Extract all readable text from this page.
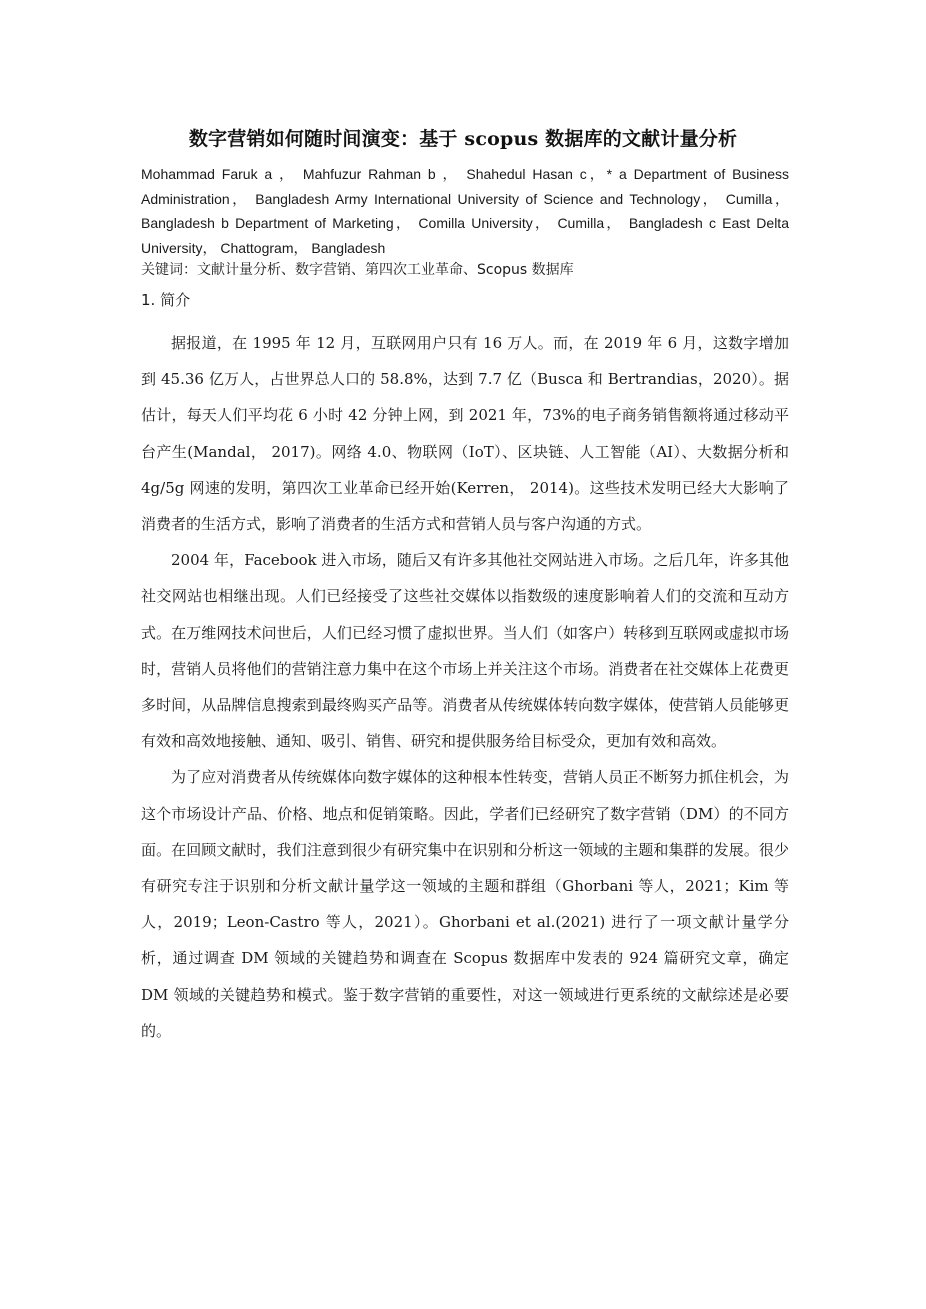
数字营销如何随时间演变：基于 scopus 数据库的文献计量分析
Mohammad Faruk a ， Mahfuzur Rahman b ， Shahedul Hasan c，* a Department of Business Administration， Bangladesh Army International University of Science and Technology， Cumilla， Bangladesh b Department of Marketing， Comilla University， Cumilla， Bangladesh c East Delta University， Chattogram， Bangladesh
关键词：文献计量分析、数字营销、第四次工业革命、Scopus 数据库
1. 简介

据报道，在 1995 年 12 月，互联网用户只有 16 万人。而，在 2019 年 6 月，这数字增加到 45.36 亿万人，占世界总人口的 58.8%，达到 7.7 亿（Busca 和 Bertrandias，2020）。据估计，每天人们平均花 6 小时 42 分钟上网，到 2021 年，73%的电子商务销售额将通过移动平台产生(Mandal， 2017)。网络 4.0、物联网（IoT）、区块链、人工智能（AI）、大数据分析和 4g/5g 网速的发明，第四次工业革命已经开始(Kerren， 2014)。这些技术发明已经大大影响了消费者的生活方式，影响了消费者的生活方式和营销人员与客户沟通的方式。

2004 年，Facebook 进入市场，随后又有许多其他社交网站进入市场。之后几年，许多其他社交网站也相继出现。人们已经接受了这些社交媒体以指数级的速度影响着人们的交流和互动方式。在万维网技术问世后，人们已经习惯了虚拟世界。当人们（如客户）转移到互联网或虚拟市场时，营销人员将他们的营销注意力集中在这个市场上并关注这个市场。消费者在社交媒体上花费更多时间，从品牌信息搜索到最终购买产品等。消费者从传统媒体转向数字媒体，使营销人员能够更有效和高效地接触、通知、吸引、销售、研究和提供服务给目标受众，更加有效和高效。

为了应对消费者从传统媒体向数字媒体的这种根本性转变，营销人员正不断努力抓住机会，为这个市场设计产品、价格、地点和促销策略。因此，学者们已经研究了数字营销（DM）的不同方面。在回顾文献时，我们注意到很少有研究集中在识别和分析这一领域的主题和集群的发展。很少有研究专注于识别和分析文献计量学这一领域的主题和群组（Ghorbani 等人，2021；Kim 等人，2019；Leon-Castro 等人，2021）。Ghorbani et al.(2021) 进行了一项文献计量学分析，通过调查 DM 领域的关键趋势和调查在 Scopus 数据库中发表的 924 篇研究文章，确定 DM 领域的关键趋势和模式。鉴于数字营销的重要性，对这一领域进行更系统的文献综述是必要的。
